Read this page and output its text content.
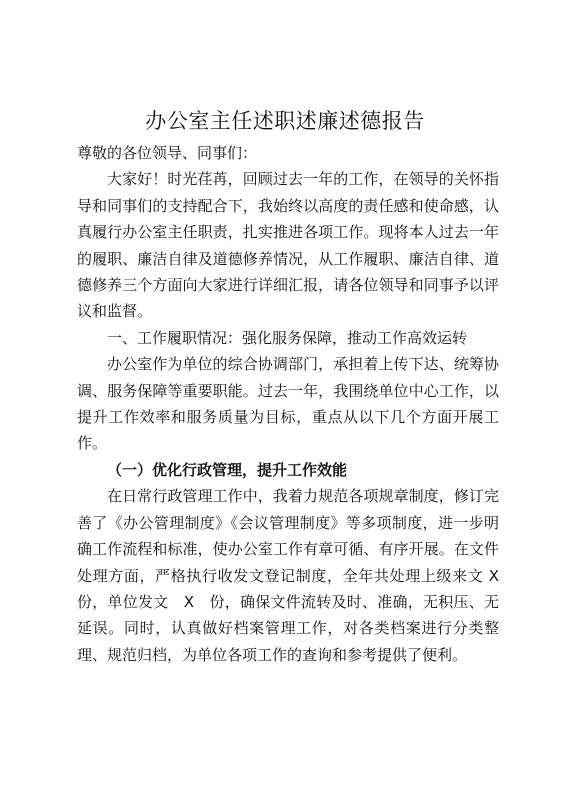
办公室主任述职述廉述德报告

尊敬的各位领导、同事们：

大家好！时光荏苒，回顾过去一年的工作，在领导的关怀指导和同事们的支持配合下，我始终以高度的责任感和使命感，认真履行办公室主任职责，扎实推进各项工作。现将本人过去一年的履职、廉洁自律及道德修养情况，从工作履职、廉洁自律、道德修养三个方面向大家进行详细汇报，请各位领导和同事予以评议和监督。

一、工作履职情况：强化服务保障，推动工作高效运转

办公室作为单位的综合协调部门，承担着上传下达、统筹协调、服务保障等重要职能。过去一年，我围绕单位中心工作，以提升工作效率和服务质量为目标，重点从以下几个方面开展工作。

（一）优化行政管理，提升工作效能

在日常行政管理工作中，我着力规范各项规章制度，修订完善了《办公管理制度》《会议管理制度》等多项制度，进一步明确工作流程和标准，使办公室工作有章可循、有序开展。在文件处理方面，严格执行收发文登记制度，全年共处理上级来文 X 份，单位发文　X　份，确保文件流转及时、准确，无积压、无延误。同时，认真做好档案管理工作，对各类档案进行分类整理、规范归档，为单位各项工作的查询和参考提供了便利。
